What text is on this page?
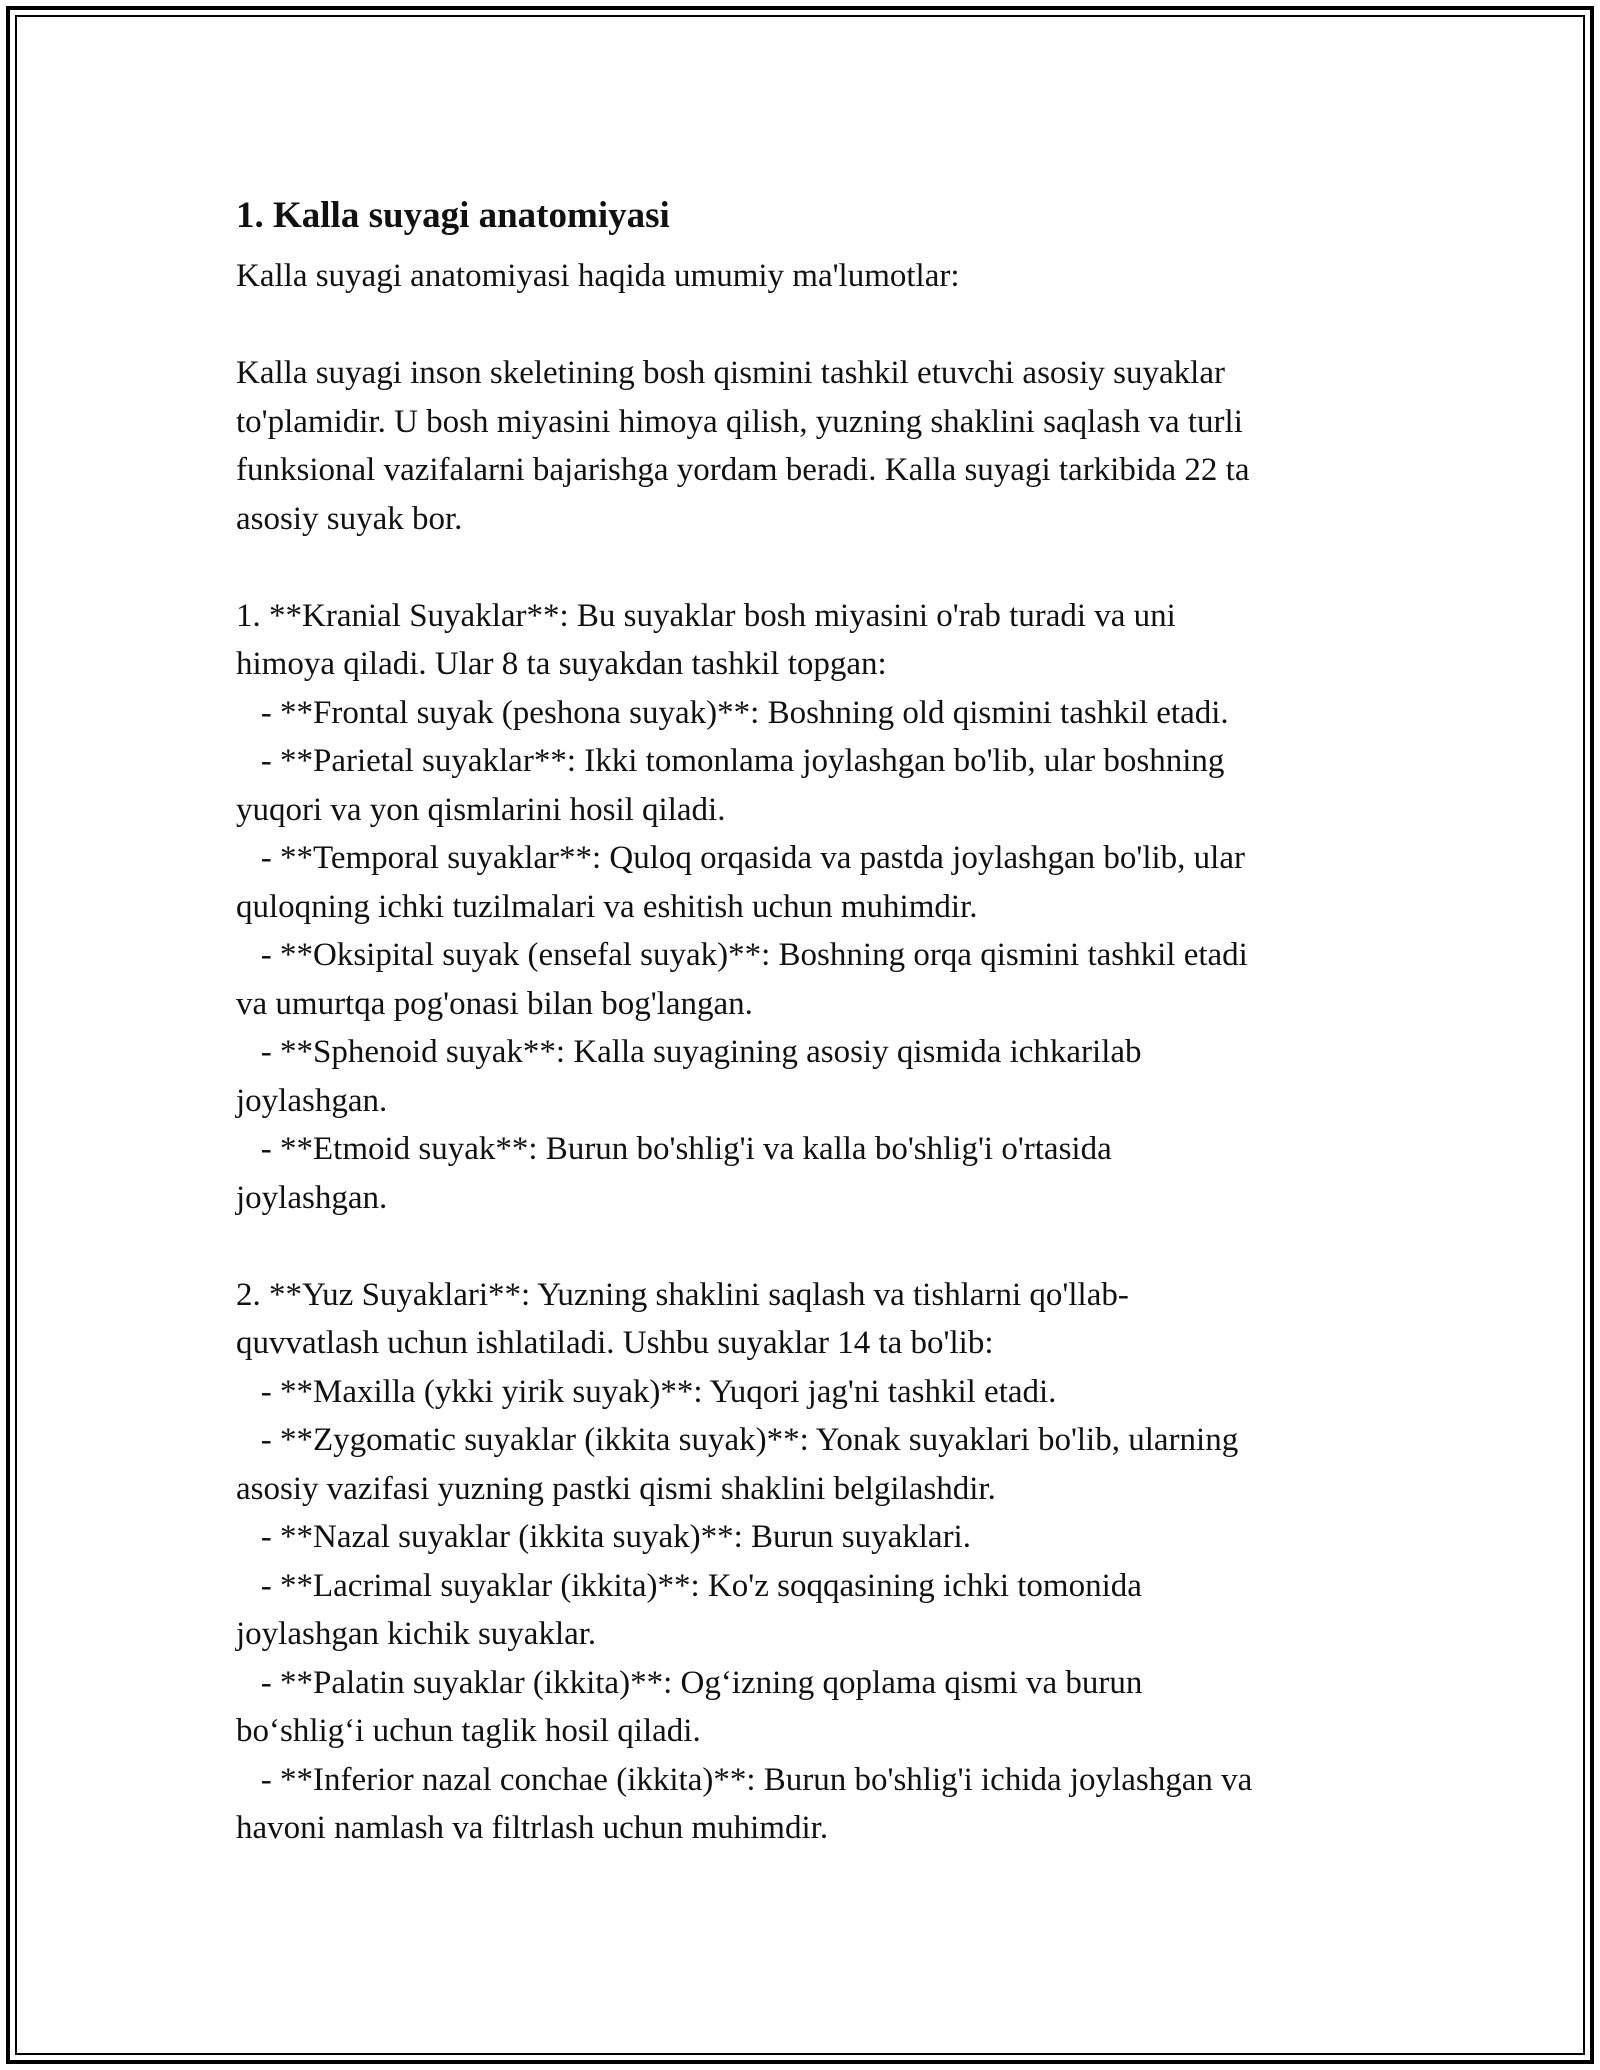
1. Kalla suyagi anatomiyasi

Kalla suyagi anatomiyasi haqida umumiy ma'lumotlar:

Kalla suyagi inson skeletining bosh qismini tashkil etuvchi asosiy suyaklar
to'plamidir. U bosh miyasini himoya qilish, yuzning shaklini saqlash va turli
funksional vazifalarni bajarishga yordam beradi. Kalla suyagi tarkibida 22 ta
asosiy suyak bor.

1. **Kranial Suyaklar**: Bu suyaklar bosh miyasini o'rab turadi va uni
himoya qiladi. Ular 8 ta suyakdan tashkil topgan:
- **Frontal suyak (peshona suyak)**: Boshning old qismini tashkil etadi.
- **Parietal suyaklar**: Ikki tomonlama joylashgan bo'lib, ular boshning
yuqori va yon qismlarini hosil qiladi.
- **Temporal suyaklar**: Quloq orqasida va pastda joylashgan bo'lib, ular
quloqning ichki tuzilmalari va eshitish uchun muhimdir.
- **Oksipital suyak (ensefal suyak)**: Boshning orqa qismini tashkil etadi
va umurtqa pog'onasi bilan bog'langan.
- **Sphenoid suyak**: Kalla suyagining asosiy qismida ichkarilab
joylashgan.
- **Etmoid suyak**: Burun bo'shlig'i va kalla bo'shlig'i o'rtasida
joylashgan.

2. **Yuz Suyaklari**: Yuzning shaklini saqlash va tishlarni qo'llab-
quvvatlash uchun ishlatiladi. Ushbu suyaklar 14 ta bo'lib:
- **Maxilla (ykki yirik suyak)**: Yuqori jag'ni tashkil etadi.
- **Zygomatic suyaklar (ikkita suyak)**: Yonak suyaklari bo'lib, ularning
asosiy vazifasi yuzning pastki qismi shaklini belgilashdir.
- **Nazal suyaklar (ikkita suyak)**: Burun suyaklari.
- **Lacrimal suyaklar (ikkita)**: Ko'z soqqasining ichki tomonida
joylashgan kichik suyaklar.
- **Palatin suyaklar (ikkita)**: Og‘izning qoplama qismi va burun
bo‘shlig‘i uchun taglik hosil qiladi.
- **Inferior nazal conchae (ikkita)**: Burun bo'shlig'i ichida joylashgan va
havoni namlash va filtrlash uchun muhimdir.
